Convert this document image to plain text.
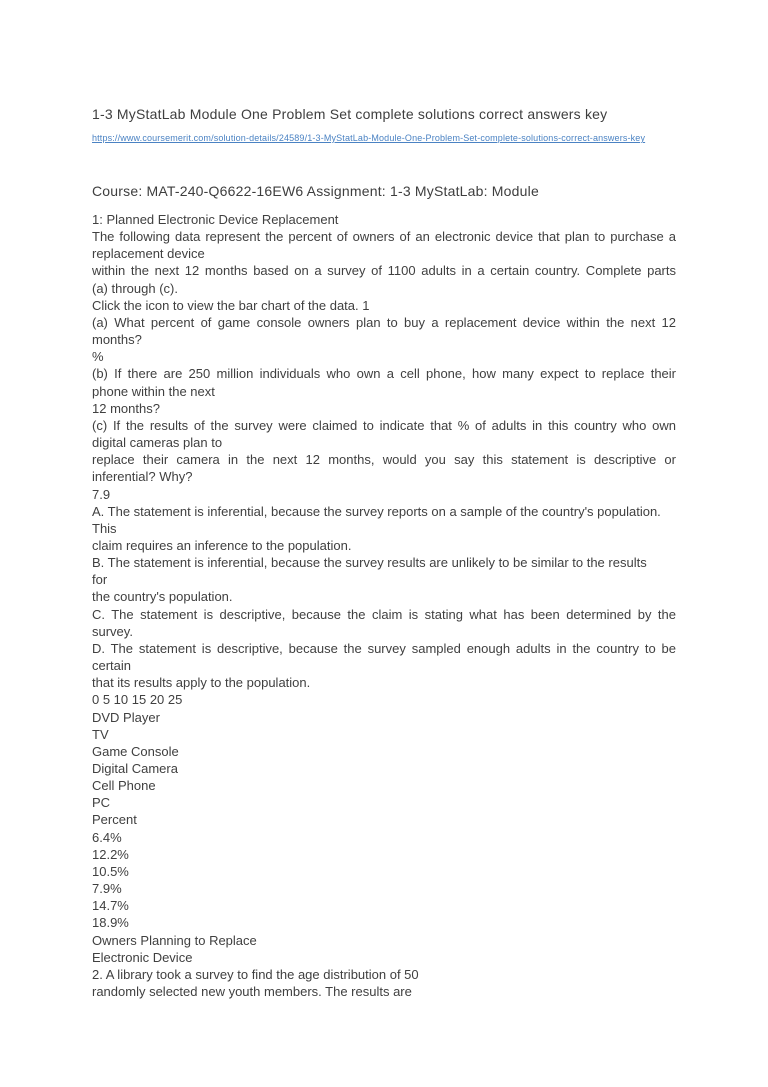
1-3 MyStatLab Module One Problem Set complete solutions correct answers key
https://www.coursemerit.com/solution-details/24589/1-3-MyStatLab-Module-One-Problem-Set-complete-solutions-correct-answers-key
Course: MAT-240-Q6622-16EW6 Assignment: 1-3 MyStatLab: Module
1: Planned Electronic Device Replacement
The following data represent the percent of owners of an electronic device that plan to purchase a
replacement device
within the next 12 months based on a survey of 1100 adults in a certain country. Complete parts
(a) through (c).
Click the icon to view the bar chart of the data. 1
(a) What percent of game console owners plan to buy a replacement device within the next 12
months?
%
(b) If there are 250 million individuals who own a cell phone, how many expect to replace their
phone within the next
12 months?
(c) If the results of the survey were claimed to indicate that % of adults in this country who own
digital cameras plan to
replace their camera in the next 12 months, would you say this statement is descriptive or
inferential? Why?
7.9
A. The statement is inferential, because the survey reports on a sample of the country's population.
This
claim requires an inference to the population.
B. The statement is inferential, because the survey results are unlikely to be similar to the results
for
the country's population.
C. The statement is descriptive, because the claim is stating what has been determined by the
survey.
D. The statement is descriptive, because the survey sampled enough adults in the country to be
certain
that its results apply to the population.
0 5 10 15 20 25
DVD Player
TV
Game Console
Digital Camera
Cell Phone
PC
Percent
6.4%
12.2%
10.5%
7.9%
14.7%
18.9%
Owners Planning to Replace
Electronic Device
2. A library took a survey to find the age distribution of 50
randomly selected new youth members. The results are
